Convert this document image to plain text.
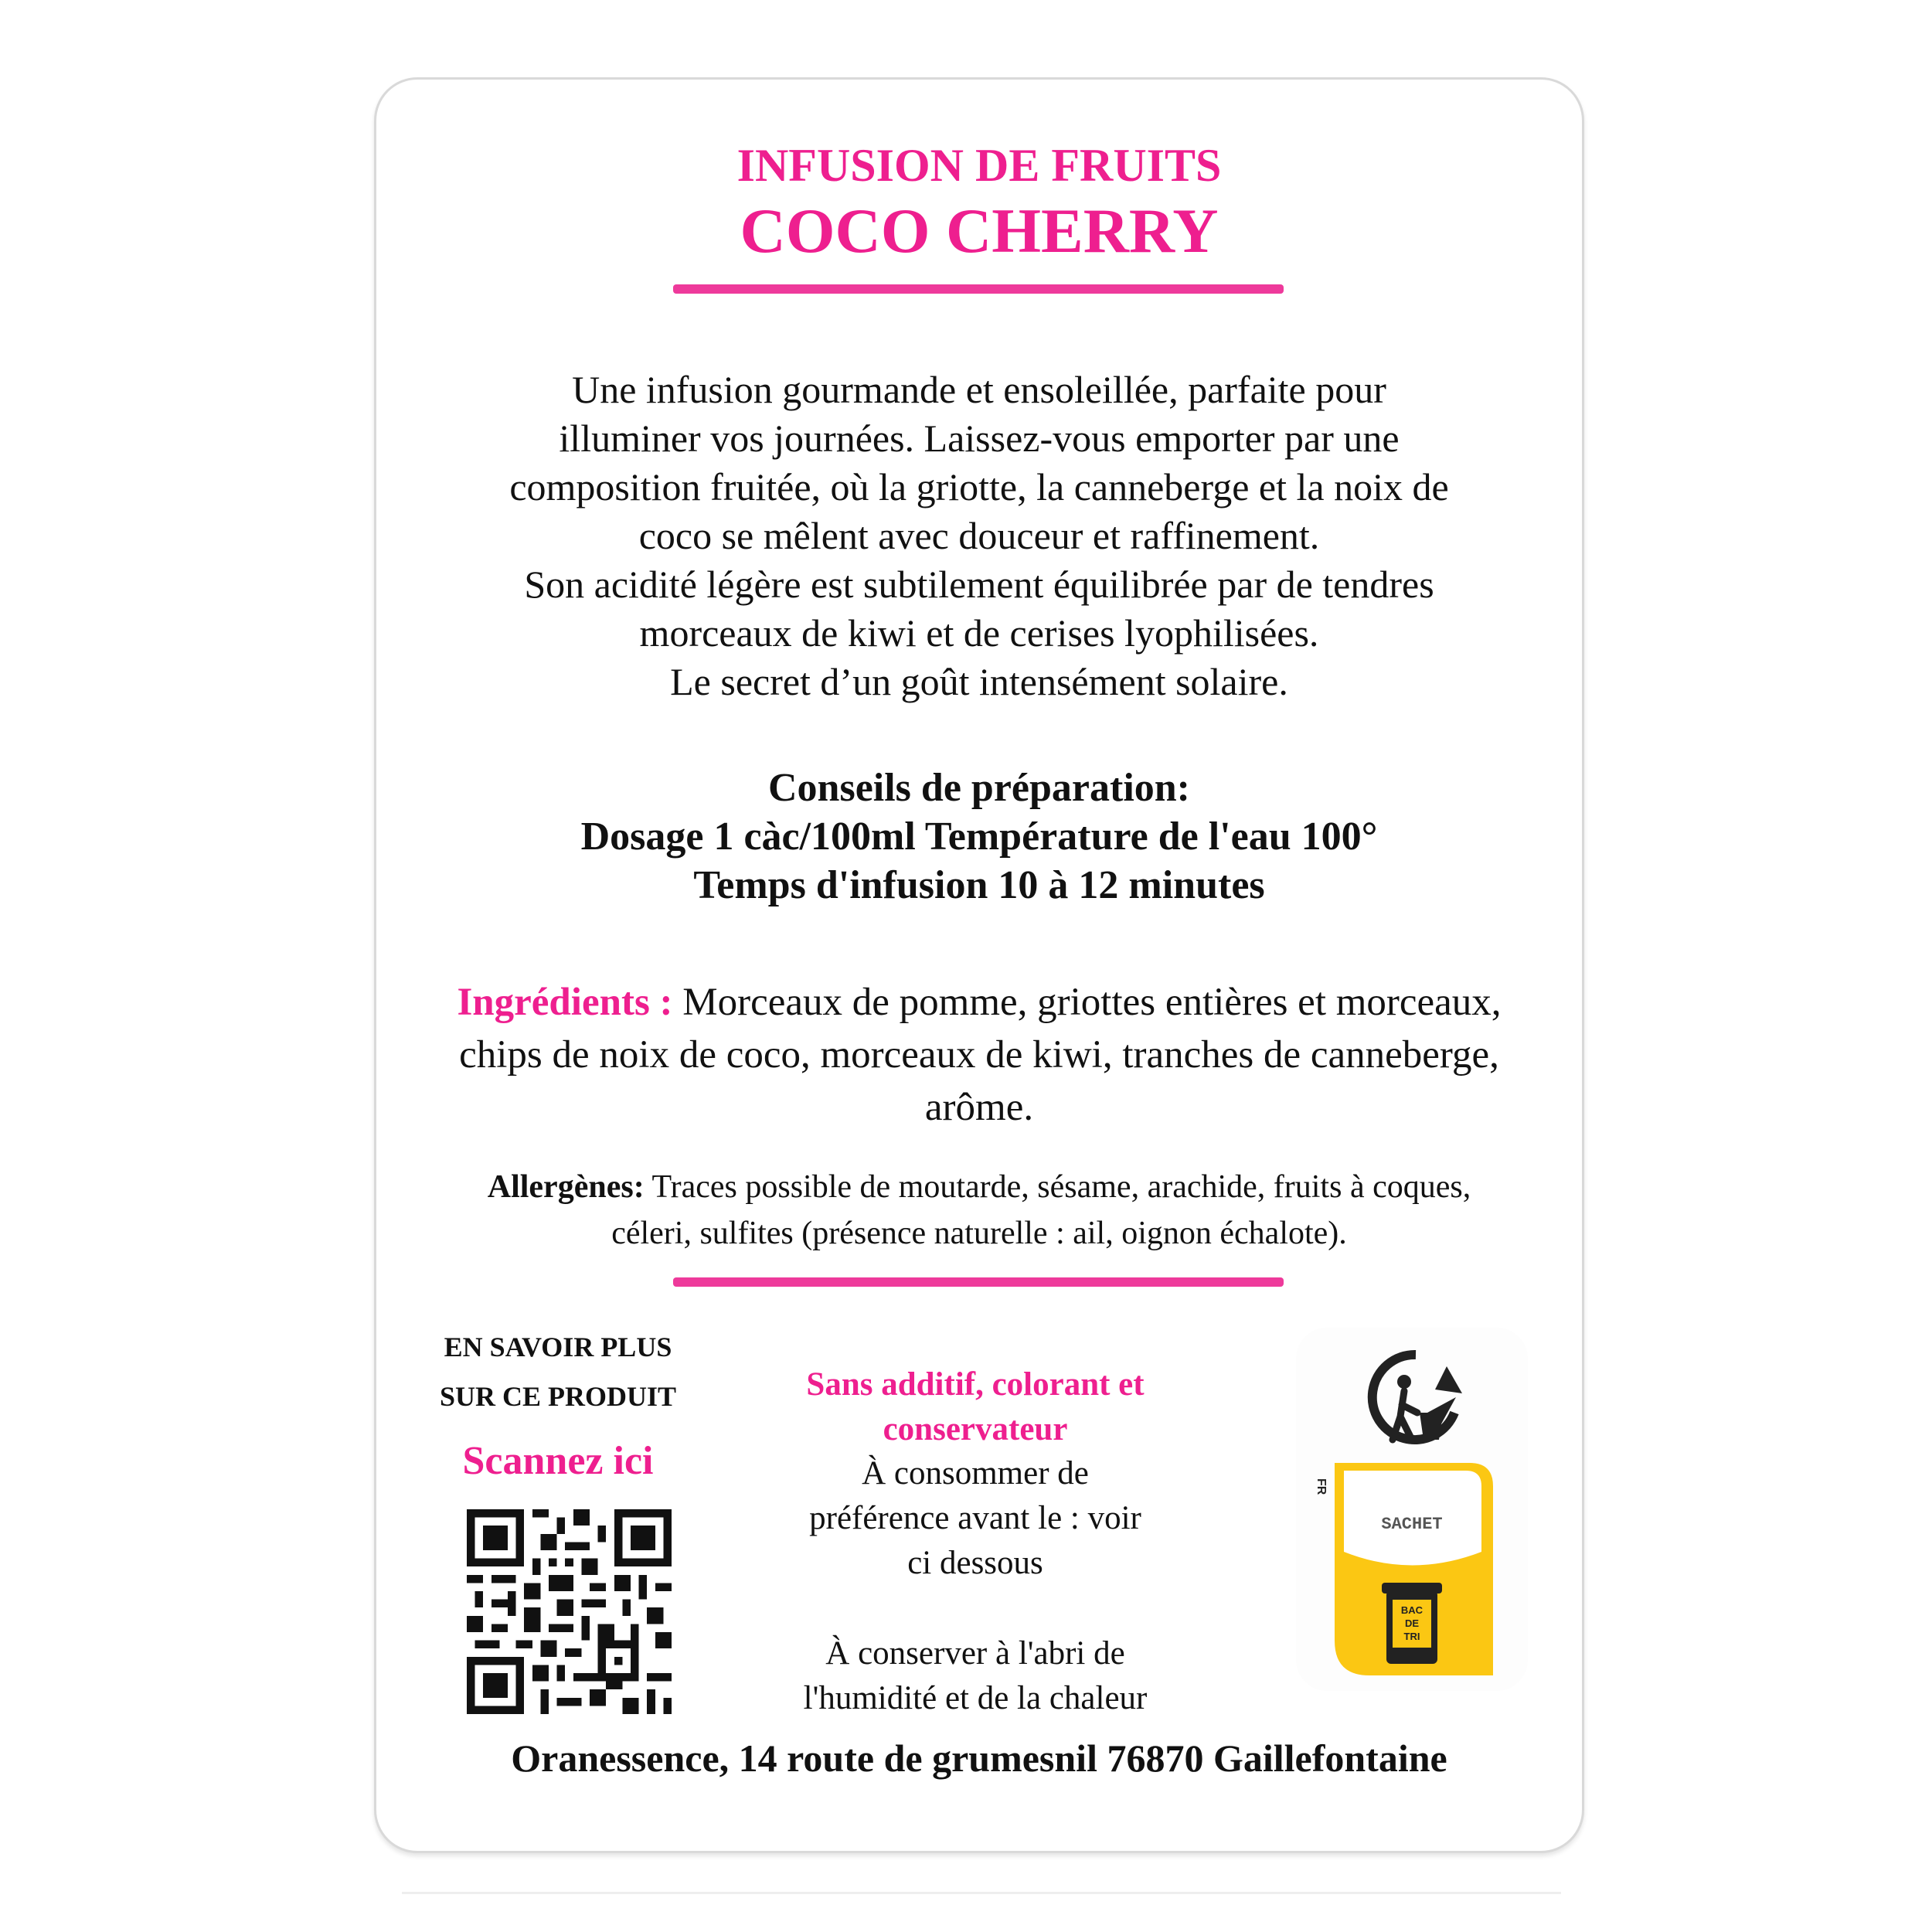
INFUSION DE FRUITS
COCO CHERRY
Une infusion gourmande et ensoleillée, parfaite pour
illuminer vos journées. Laissez-vous emporter par une
composition fruitée, où la griotte, la canneberge et la noix de
coco se mêlent avec douceur et raffinement.
Son acidité légère est subtilement équilibrée par de tendres
morceaux de kiwi et de cerises lyophilisées.
Le secret d’un goût intensément solaire.
Conseils de préparation:
Dosage 1 càc/100ml Température de l'eau 100°
Temps d'infusion 10 à 12 minutes
Ingrédients : Morceaux de pomme, griottes entières et morceaux, chips de noix de coco, morceaux de kiwi, tranches de canneberge, arôme.
Allergènes: Traces possible de moutarde, sésame, arachide, fruits à coques, céleri, sulfites (présence naturelle : ail, oignon échalote).
EN SAVOIR PLUS
SUR CE PRODUIT
Scannez ici
Sans additif, colorant et conservateur
À consommer de
préférence avant le : voir
ci dessous
À conserver à l'abri de
l'humidité et de la chaleur
FR
SACHET
BAC
DE
TRI
Oranessence, 14 route de grumesnil 76870 Gaillefontaine
